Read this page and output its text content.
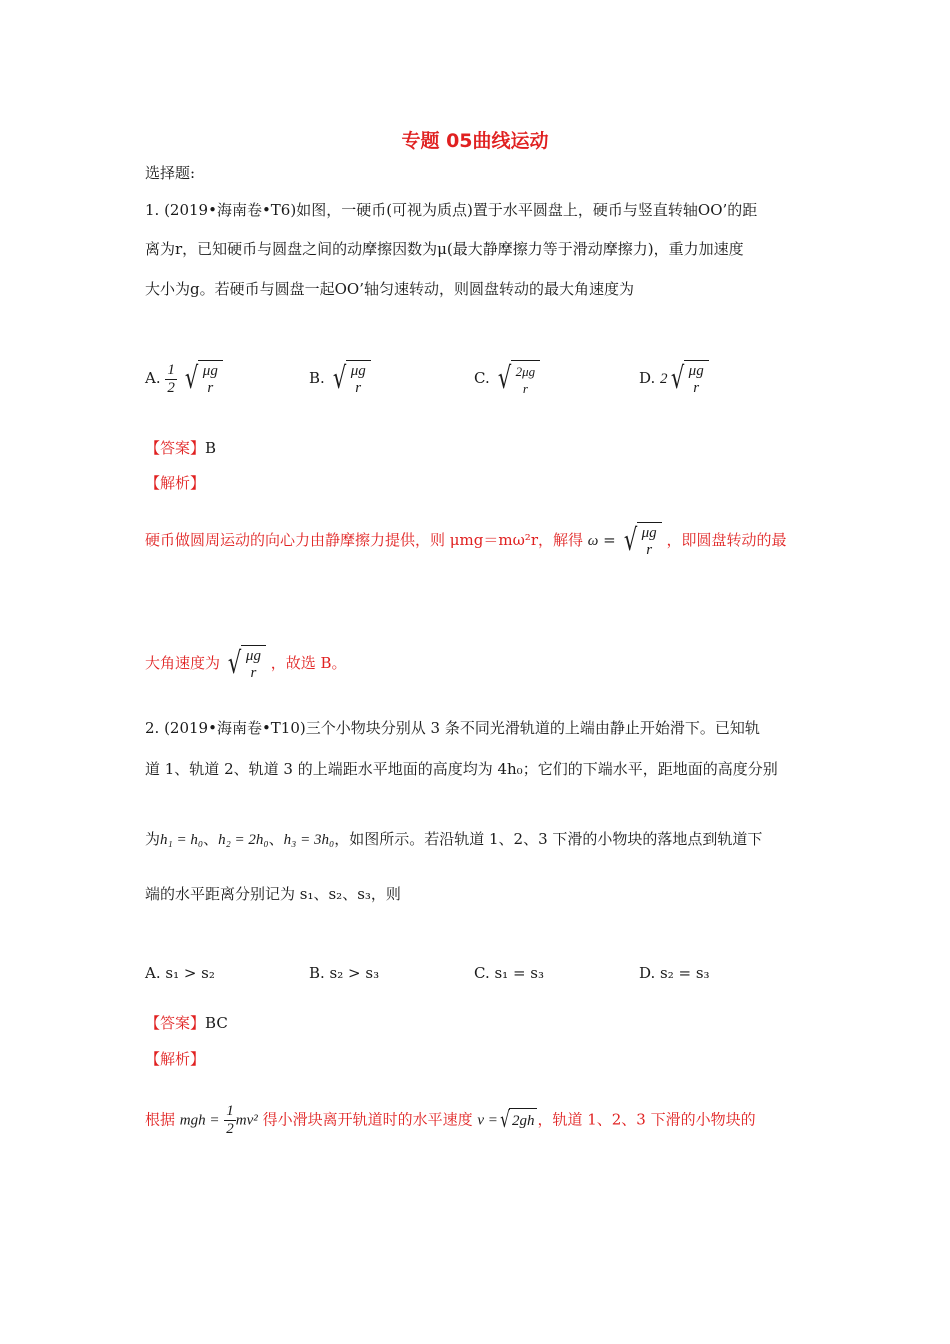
专题 05曲线运动
选择题:
1. (2019•海南卷•T6)如图，一硬币(可视为质点)置于水平圆盘上，硬币与竖直转轴OO’的距
离为r，已知硬币与圆盘之间的动摩擦因数为μ(最大静摩擦力等于滑动摩擦力)，重力加速度
大小为g。若硬币与圆盘一起OO’轴匀速转动，则圆盘转动的最大角速度为
A. $\frac{1}{2}$
√ μg
r
B. √ μg
r
C. √ 2μg
r
D. 2 √ μg
r
【答案】B
【解析】
硬币做圆周运动的向心力由静摩擦力提供，则 μmg＝mω²r，解得 ω = √ μg
r
，即圆盘转动的最
大角速度为 √ μg
r
，故选 B。
2. (2019•海南卷•T10)三个小物块分别从 3 条不同光滑轨道的上端由静止开始滑下。已知轨
道 1、轨道 2、轨道 3 的上端距水平地面的高度均为 4h₀；它们的下端水平，距地面的高度分别
为h₁ = h₀、h₂ = 2h₀、h₃ = 3h₀，如图所示。若沿轨道 1、2、3 下滑的小物块的落地点到轨道下
端的水平距离分别记为 s₁、s₂、s₃，则
A. s₁ > s₂	B. s₂ > s₃	C. s₁ = s₃	D. s₂ = s₃
【答案】BC
【解析】
根据 mgh = $\frac{1}{2} mv^2$ 得小滑块离开轨道时的水平速度 v = √ 2gh ，轨道 1、2、3 下滑的小物块的
